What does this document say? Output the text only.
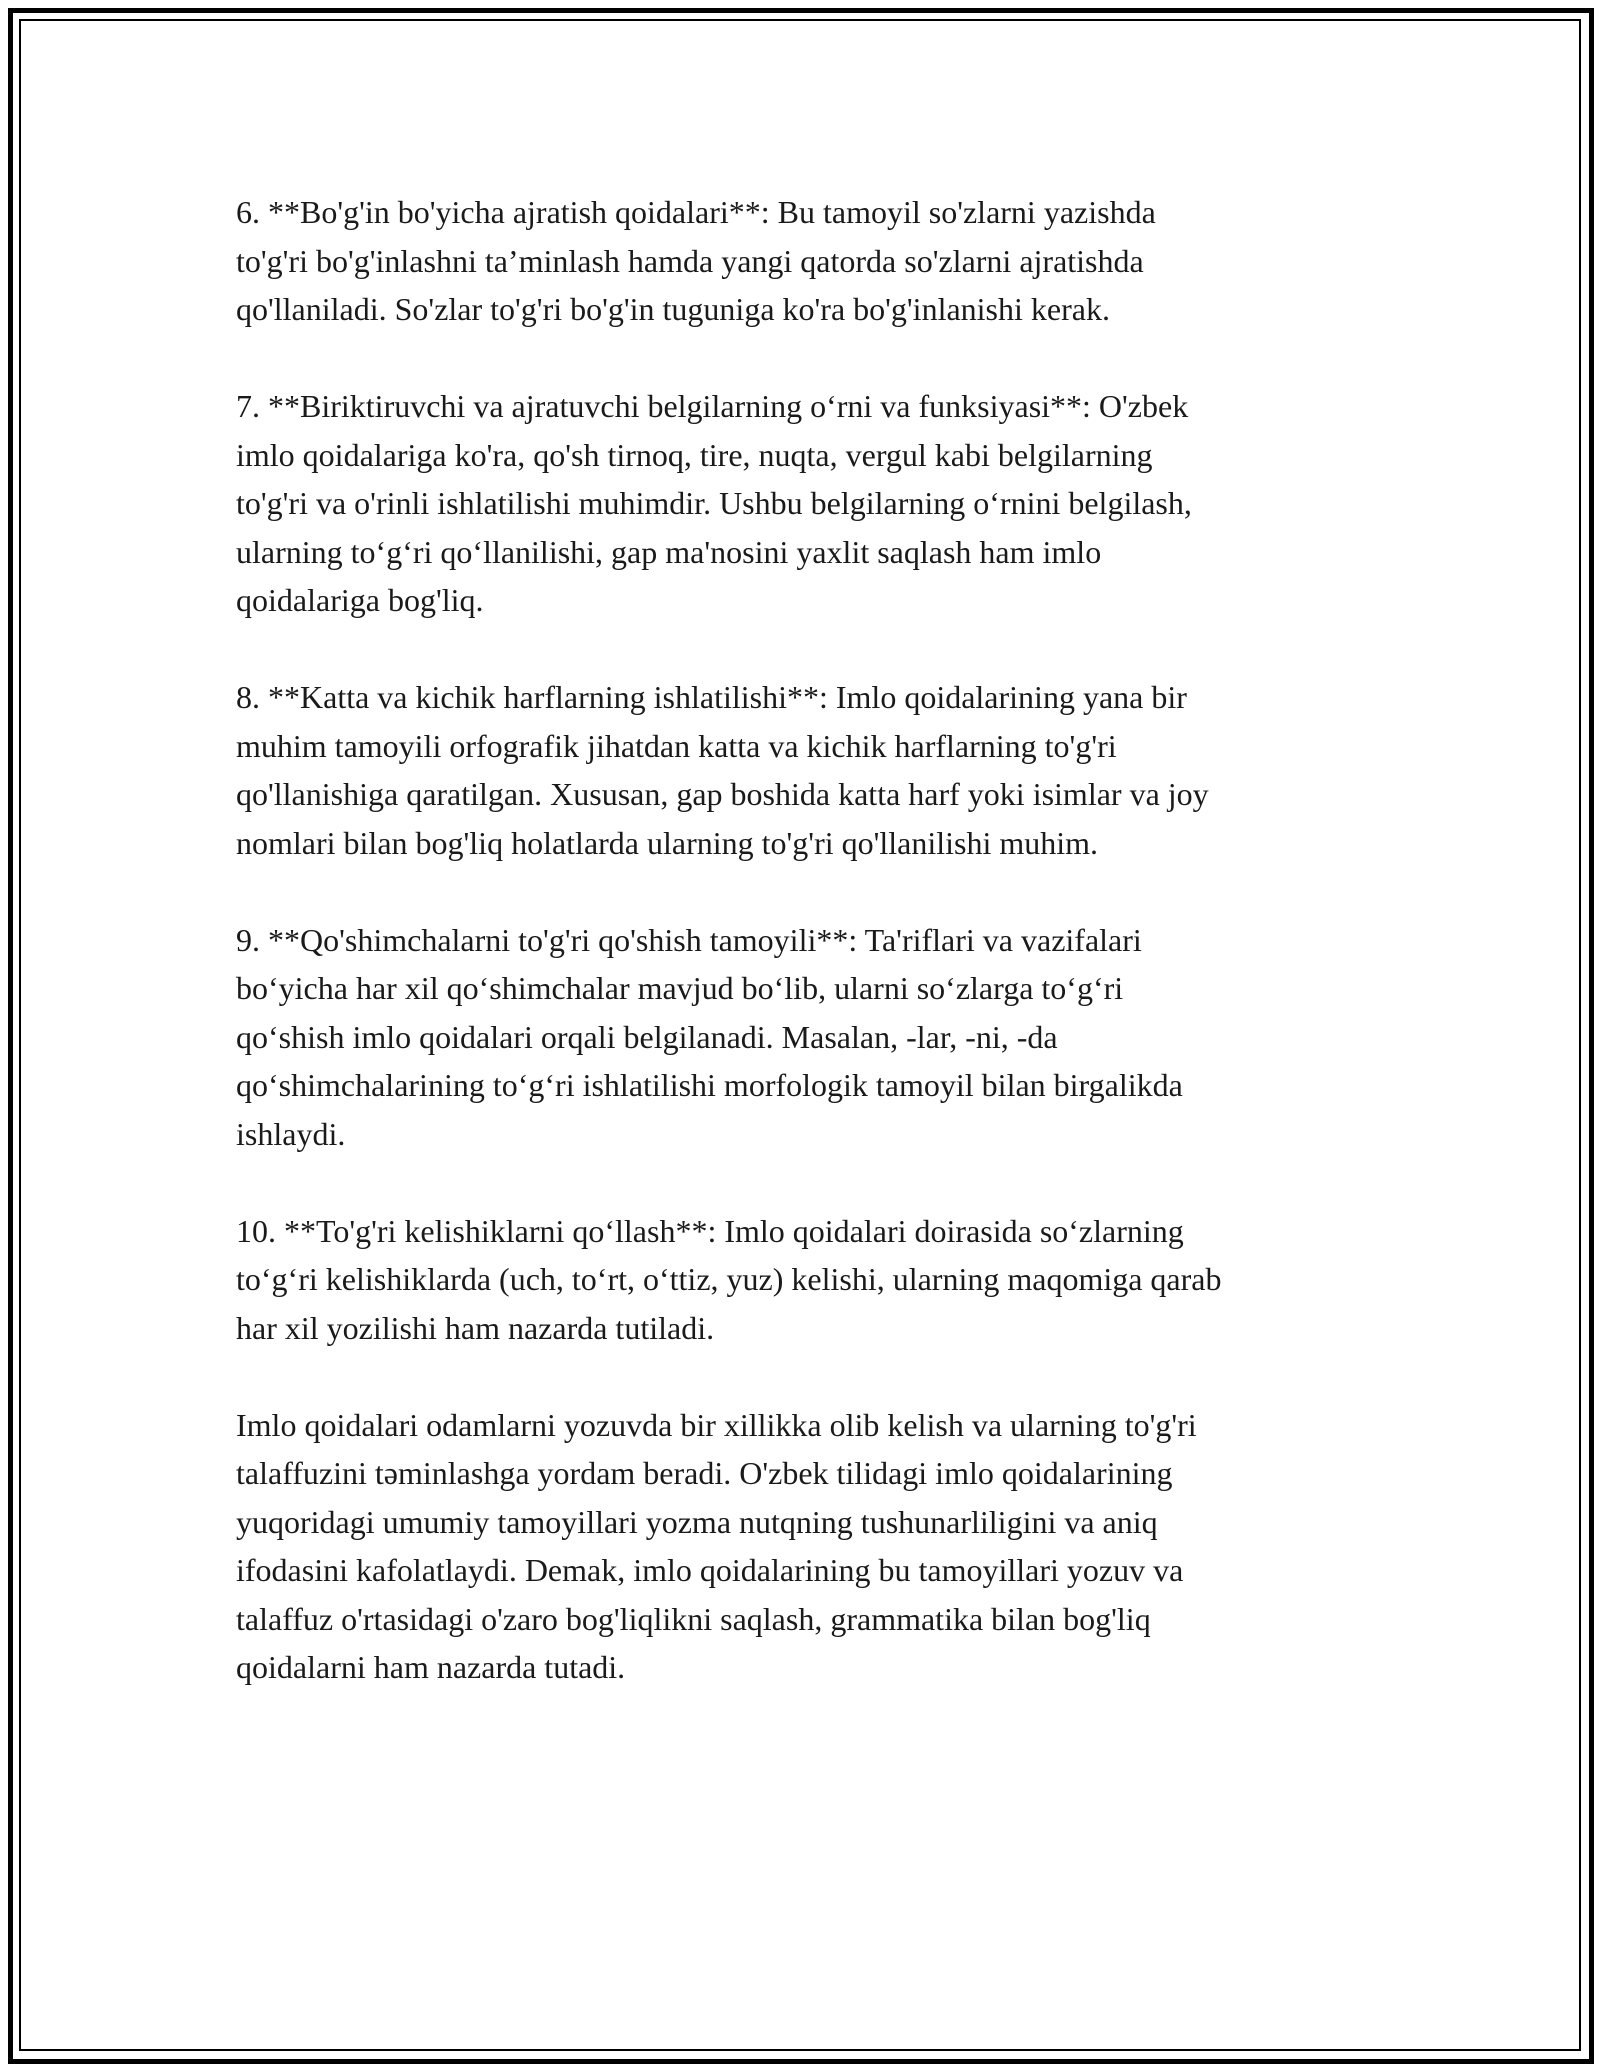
6. **Bo'g'in bo'yicha ajratish qoidalari**: Bu tamoyil so'zlarni yazishda
to'g'ri bo'g'inlashni ta’minlash hamda yangi qatorda so'zlarni ajratishda
qo'llaniladi. So'zlar to'g'ri bo'g'in tuguniga ko'ra bo'g'inlanishi kerak.

7. **Biriktiruvchi va ajratuvchi belgilarning oʻrni va funksiyasi**: O'zbek
imlo qoidalariga ko'ra, qo'sh tirnoq, tire, nuqta, vergul kabi belgilarning
to'g'ri va o'rinli ishlatilishi muhimdir. Ushbu belgilarning oʻrnini belgilash,
ularning toʻgʻri qoʻllanilishi, gap ma'nosini yaxlit saqlash ham imlo
qoidalariga bog'liq.

8. **Katta va kichik harflarning ishlatilishi**: Imlo qoidalarining yana bir
muhim tamoyili orfografik jihatdan katta va kichik harflarning to'g'ri
qo'llanishiga qaratilgan. Xususan, gap boshida katta harf yoki isimlar va joy
nomlari bilan bog'liq holatlarda ularning to'g'ri qo'llanilishi muhim.

9. **Qo'shimchalarni to'g'ri qo'shish tamoyili**: Ta'riflari va vazifalari
boʻyicha har xil qoʻshimchalar mavjud boʻlib, ularni soʻzlarga toʻgʻri
qoʻshish imlo qoidalari orqali belgilanadi. Masalan, -lar, -ni, -da
qoʻshimchalarining toʻgʻri ishlatilishi morfologik tamoyil bilan birgalikda
ishlaydi.

10. **To'g'ri kelishiklarni qoʻllash**: Imlo qoidalari doirasida soʻzlarning
toʻgʻri kelishiklarda (uch, toʻrt, oʻttiz, yuz) kelishi, ularning maqomiga qarab
har xil yozilishi ham nazarda tutiladi.

Imlo qoidalari odamlarni yozuvda bir xillikka olib kelish va ularning to'g'ri
talaffuzini təminlashga yordam beradi. O'zbek tilidagi imlo qoidalarining
yuqoridagi umumiy tamoyillari yozma nutqning tushunarliligini va aniq
ifodasini kafolatlaydi. Demak, imlo qoidalarining bu tamoyillari yozuv va
talaffuz o'rtasidagi o'zaro bog'liqlikni saqlash, grammatika bilan bog'liq
qoidalarni ham nazarda tutadi.
